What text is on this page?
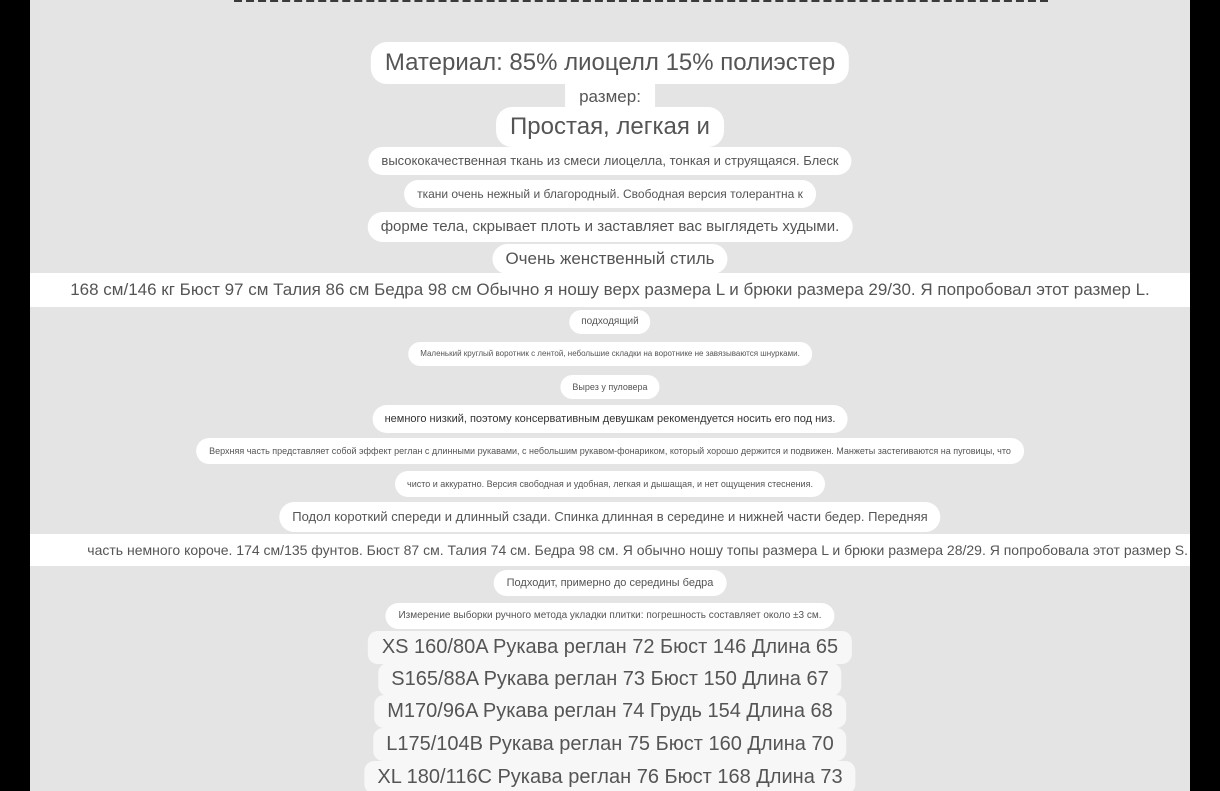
Материал: 85% лиоцелл 15% полиэстер
размер:
Простая, легкая и
высококачественная ткань из смеси лиоцелла, тонкая и струящаяся. Блеск
ткани очень нежный и благородный. Свободная версия толерантна к
форме тела, скрывает плоть и заставляет вас выглядеть худыми.
Очень женственный стиль
168 см/146 кг Бюст 97 см Талия 86 см Бедра 98 см Обычно я ношу верх размера L и брюки размера 29/30. Я попробовал этот размер L.
подходящий
Маленький круглый воротник с лентой, небольшие складки на воротнике не завязываются шнурками.
Вырез у пуловера
немного низкий, поэтому консервативным девушкам рекомендуется носить его под низ.
Верхняя часть представляет собой эффект реглан с длинными рукавами, с небольшим рукавом-фонариком, который хорошо держится и подвижен. Манжеты застегиваются на пуговицы, что
чисто и аккуратно. Версия свободная и удобная, легкая и дышащая, и нет ощущения стеснения.
Подол короткий спереди и длинный сзади. Спинка длинная в середине и нижней части бедер. Передняя
часть немного короче. 174 см/135 фунтов. Бюст 87 см. Талия 74 см. Бедра 98 см. Я обычно ношу топы размера L и брюки размера 28/29. Я попробовала этот размер S.
Подходит, примерно до середины бедра
Измерение выборки ручного метода укладки плитки: погрешность составляет около ±3 см.
XS 160/80A Рукава реглан 72 Бюст 146 Длина 65
S165/88A Рукава реглан 73 Бюст 150 Длина 67
M170/96A Рукава реглан 74 Грудь 154 Длина 68
L175/104B Рукава реглан 75 Бюст 160 Длина 70
XL 180/116C Рукава реглан 76 Бюст 168 Длина 73
